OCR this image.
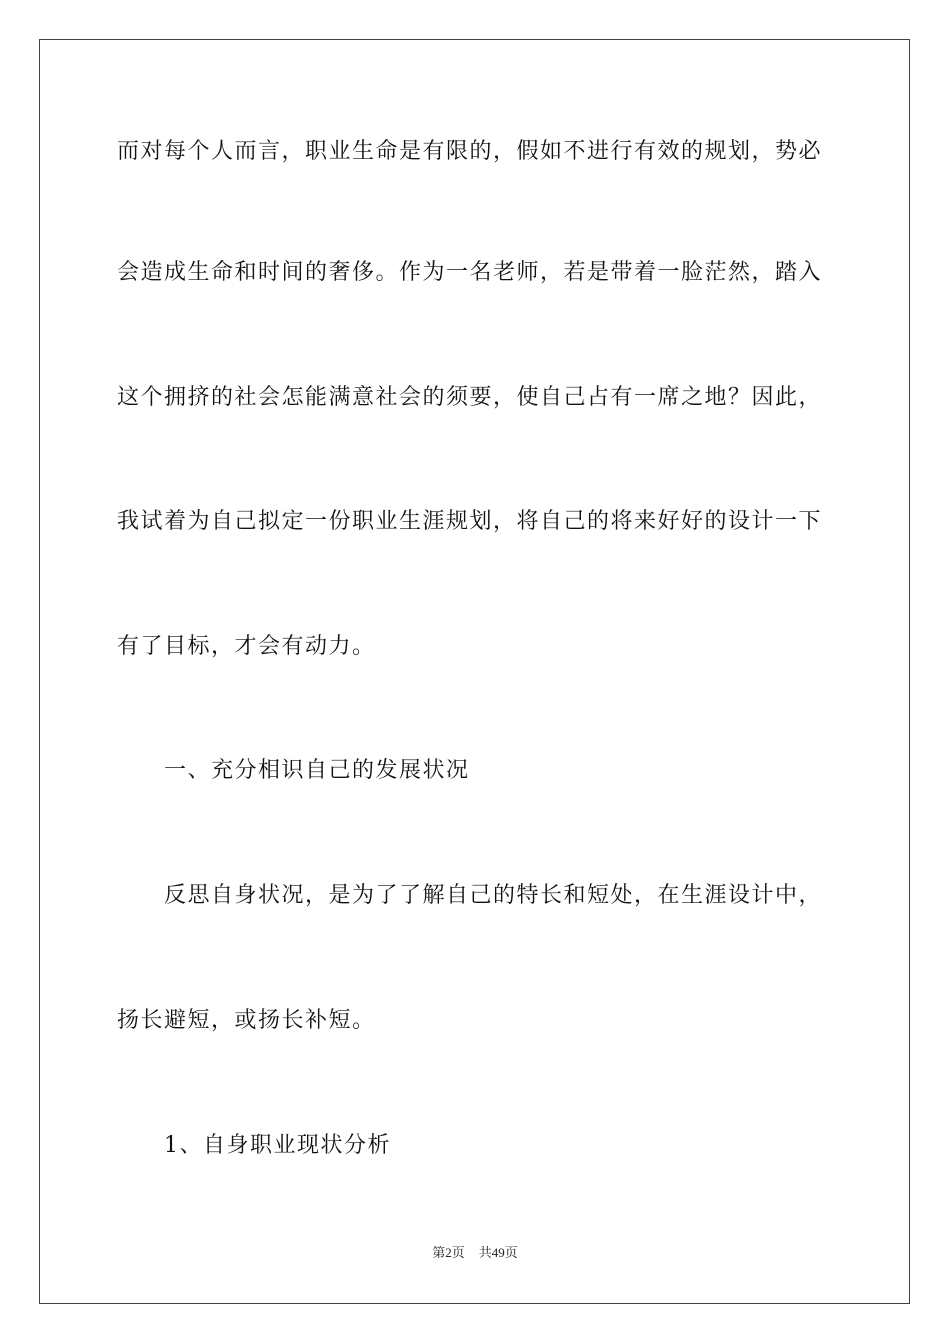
而对每个人而言，职业生命是有限的，假如不进行有效的规划，势必
会造成生命和时间的奢侈。作为一名老师，若是带着一脸茫然，踏入
这个拥挤的社会怎能满意社会的须要，使自己占有一席之地？因此，
我试着为自己拟定一份职业生涯规划，将自己的将来好好的设计一下
有了目标，才会有动力。
一、充分相识自己的发展状况
反思自身状况，是为了了解自己的特长和短处，在生涯设计中，
扬长避短，或扬长补短。
1、自身职业现状分析
第2页 共49页
